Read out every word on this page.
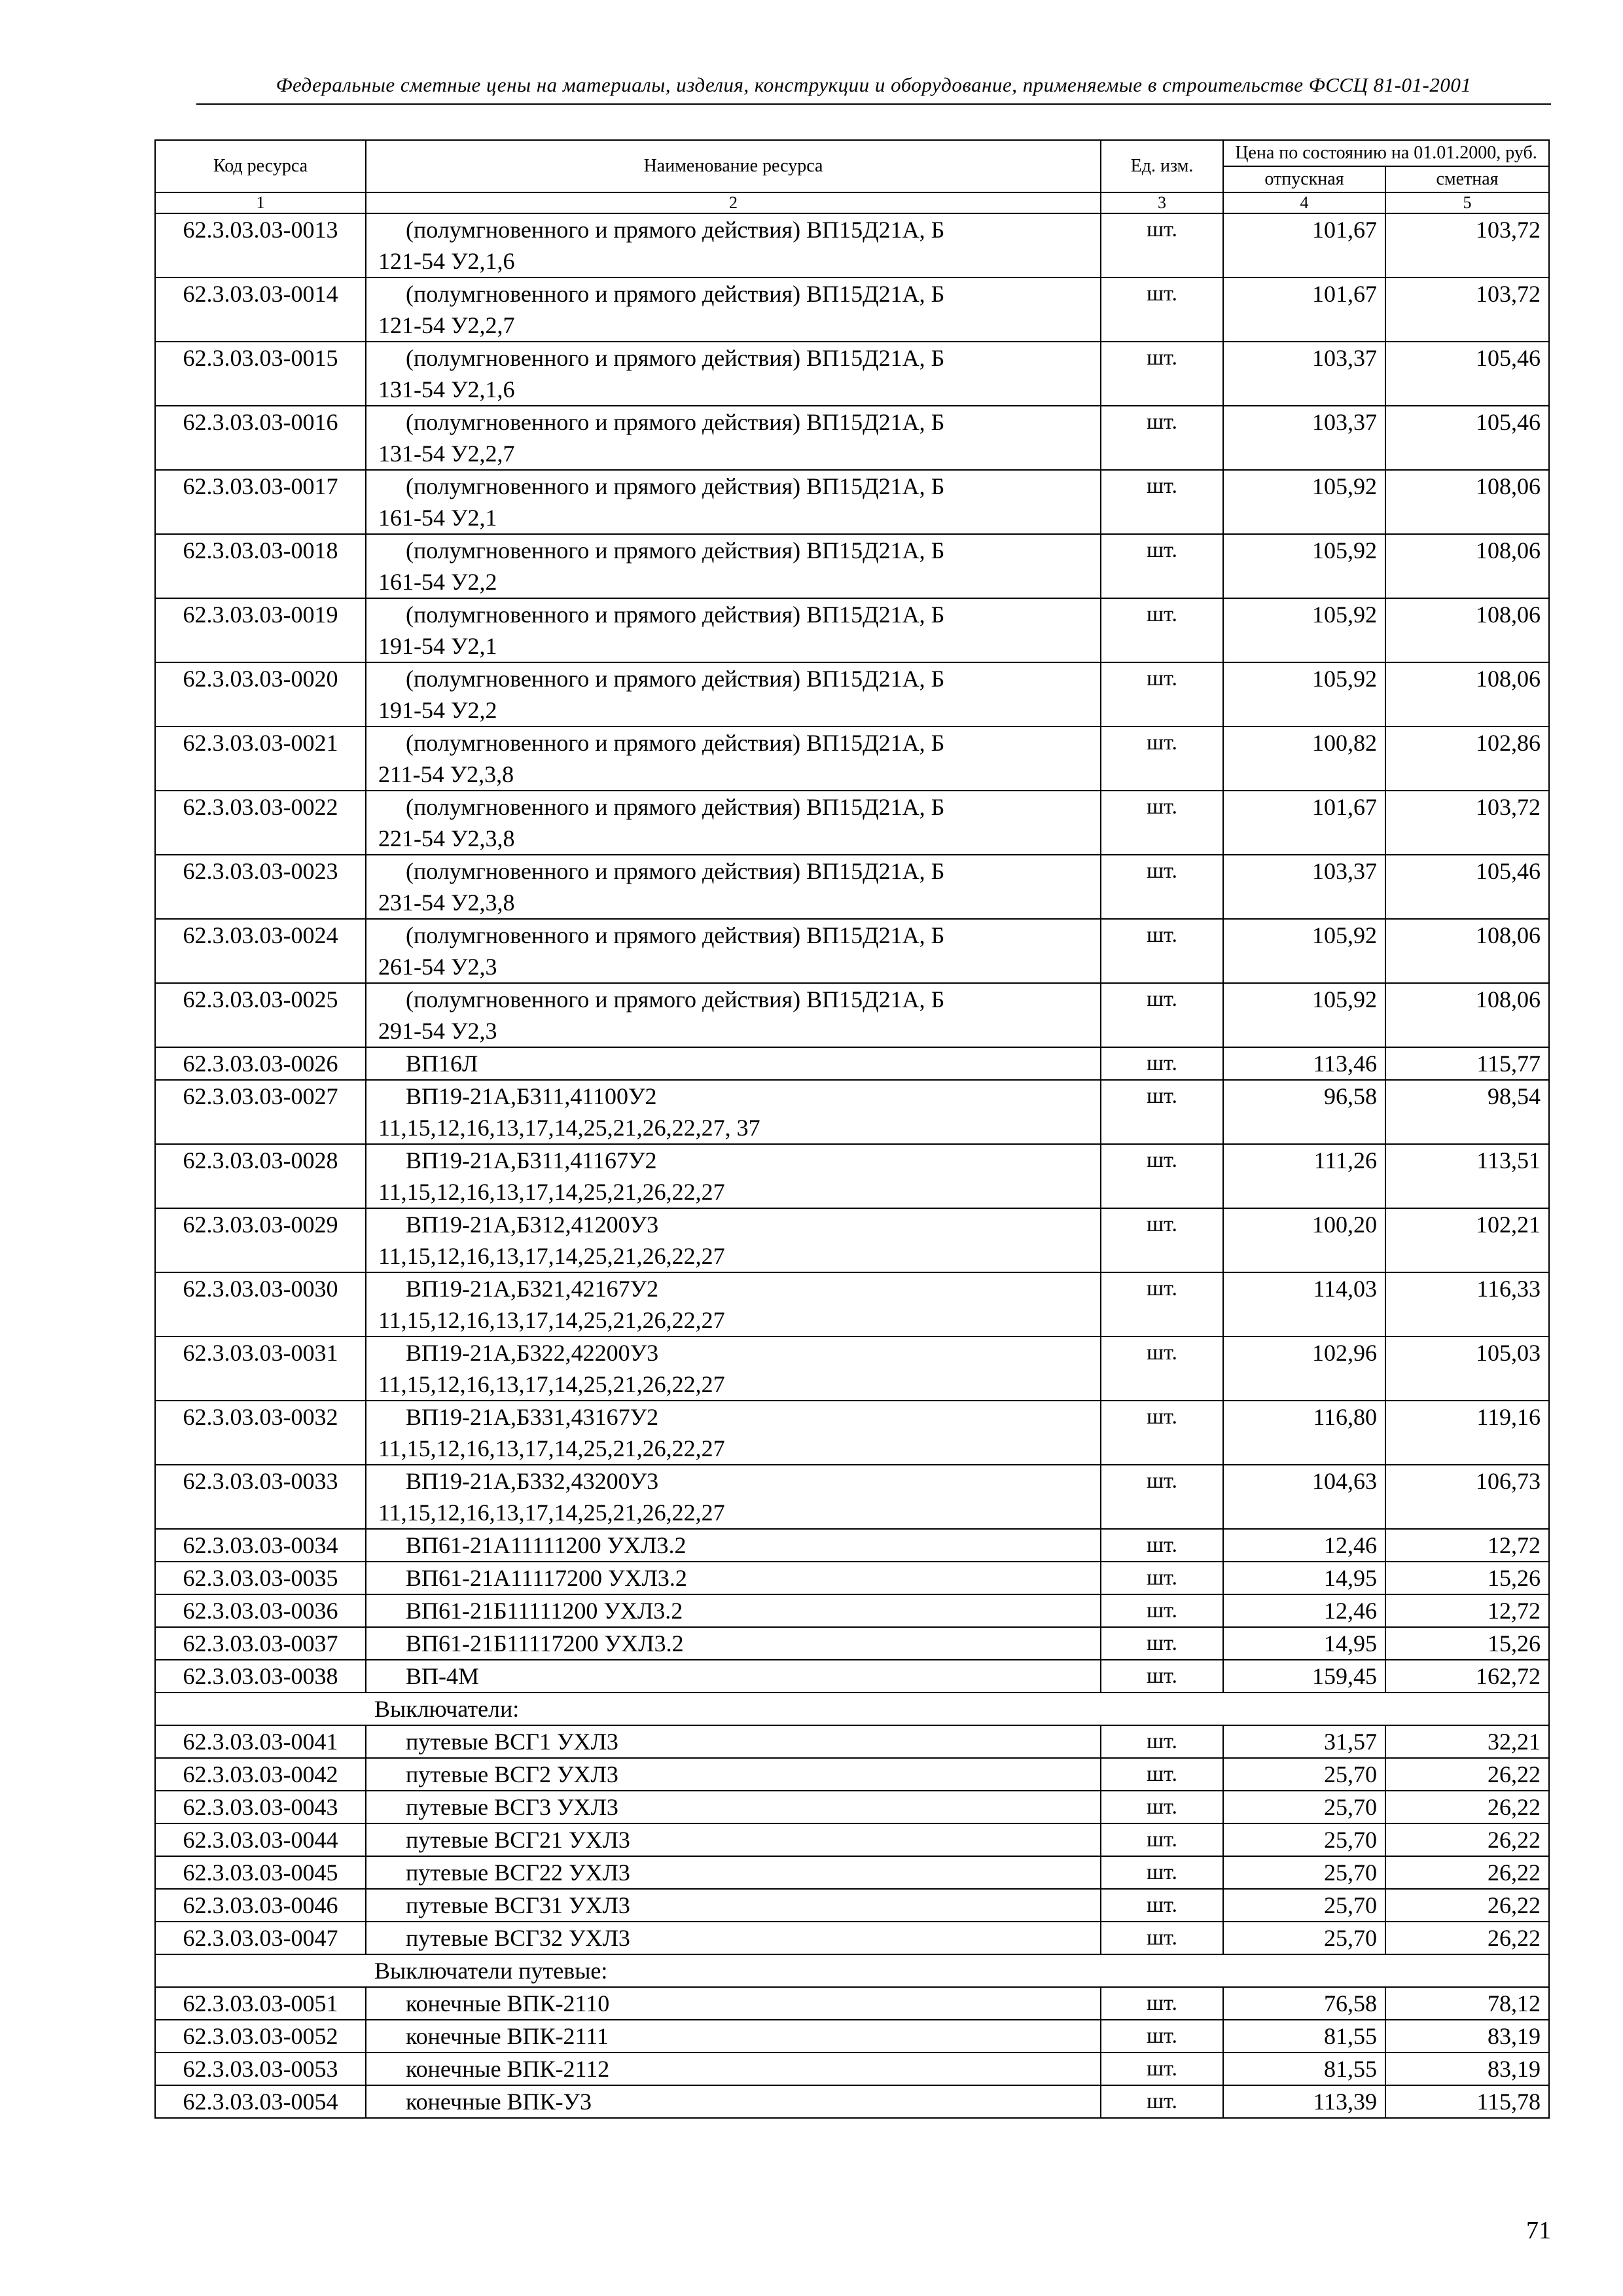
Федеральные сметные цены на материалы, изделия, конструкции и оборудование, применяемые в строительстве ФССЦ 81-01-2001
Код ресурса	Наименование ресурса	Ед. изм.	Цена по состоянию на 01.01.2000, руб.	
			отпускная	сметная
1	2	3	4	5
62.3.03.03-0013	(полумгновенного и прямого действия) ВП15Д21А, Б
121-54 У2,1,6	шт.	101,67	103,72
62.3.03.03-0014	(полумгновенного и прямого действия) ВП15Д21А, Б
121-54 У2,2,7	шт.	101,67	103,72
62.3.03.03-0015	(полумгновенного и прямого действия) ВП15Д21А, Б
131-54 У2,1,6	шт.	103,37	105,46
62.3.03.03-0016	(полумгновенного и прямого действия) ВП15Д21А, Б
131-54 У2,2,7	шт.	103,37	105,46
62.3.03.03-0017	(полумгновенного и прямого действия) ВП15Д21А, Б
161-54 У2,1	шт.	105,92	108,06
62.3.03.03-0018	(полумгновенного и прямого действия) ВП15Д21А, Б
161-54 У2,2	шт.	105,92	108,06
62.3.03.03-0019	(полумгновенного и прямого действия) ВП15Д21А, Б
191-54 У2,1	шт.	105,92	108,06
62.3.03.03-0020	(полумгновенного и прямого действия) ВП15Д21А, Б
191-54 У2,2	шт.	105,92	108,06
62.3.03.03-0021	(полумгновенного и прямого действия) ВП15Д21А, Б
211-54 У2,3,8	шт.	100,82	102,86
62.3.03.03-0022	(полумгновенного и прямого действия) ВП15Д21А, Б
221-54 У2,3,8	шт.	101,67	103,72
62.3.03.03-0023	(полумгновенного и прямого действия) ВП15Д21А, Б
231-54 У2,3,8	шт.	103,37	105,46
62.3.03.03-0024	(полумгновенного и прямого действия) ВП15Д21А, Б
261-54 У2,3	шт.	105,92	108,06
62.3.03.03-0025	(полумгновенного и прямого действия) ВП15Д21А, Б
291-54 У2,3	шт.	105,92	108,06
62.3.03.03-0026	ВП16Л	шт.	113,46	115,77
62.3.03.03-0027	ВП19-21А,Б311,41100У2
11,15,12,16,13,17,14,25,21,26,22,27, 37	шт.	96,58	98,54
62.3.03.03-0028	ВП19-21А,Б311,41167У2
11,15,12,16,13,17,14,25,21,26,22,27	шт.	111,26	113,51
62.3.03.03-0029	ВП19-21А,Б312,41200У3
11,15,12,16,13,17,14,25,21,26,22,27	шт.	100,20	102,21
62.3.03.03-0030	ВП19-21А,Б321,42167У2
11,15,12,16,13,17,14,25,21,26,22,27	шт.	114,03	116,33
62.3.03.03-0031	ВП19-21А,Б322,42200У3
11,15,12,16,13,17,14,25,21,26,22,27	шт.	102,96	105,03
62.3.03.03-0032	ВП19-21А,Б331,43167У2
11,15,12,16,13,17,14,25,21,26,22,27	шт.	116,80	119,16
62.3.03.03-0033	ВП19-21А,Б332,43200У3
11,15,12,16,13,17,14,25,21,26,22,27	шт.	104,63	106,73
62.3.03.03-0034	ВП61-21А11111200 УХЛ3.2	шт.	12,46	12,72
62.3.03.03-0035	ВП61-21А11117200 УХЛ3.2	шт.	14,95	15,26
62.3.03.03-0036	ВП61-21Б11111200 УХЛ3.2	шт.	12,46	12,72
62.3.03.03-0037	ВП61-21Б11117200 УХЛ3.2	шт.	14,95	15,26
62.3.03.03-0038	ВП-4М	шт.	159,45	162,72
Выключатели:				
62.3.03.03-0041	путевые ВСГ1 УХЛ3	шт.	31,57	32,21
62.3.03.03-0042	путевые ВСГ2 УХЛ3	шт.	25,70	26,22
62.3.03.03-0043	путевые ВСГ3 УХЛ3	шт.	25,70	26,22
62.3.03.03-0044	путевые ВСГ21 УХЛ3	шт.	25,70	26,22
62.3.03.03-0045	путевые ВСГ22 УХЛ3	шт.	25,70	26,22
62.3.03.03-0046	путевые ВСГ31 УХЛ3	шт.	25,70	26,22
62.3.03.03-0047	путевые ВСГ32 УХЛ3	шт.	25,70	26,22
Выключатели путевые:				
62.3.03.03-0051	конечные ВПК-2110	шт.	76,58	78,12
62.3.03.03-0052	конечные ВПК-2111	шт.	81,55	83,19
62.3.03.03-0053	конечные ВПК-2112	шт.	81,55	83,19
62.3.03.03-0054	конечные ВПК-У3	шт.	113,39	115,78
71
